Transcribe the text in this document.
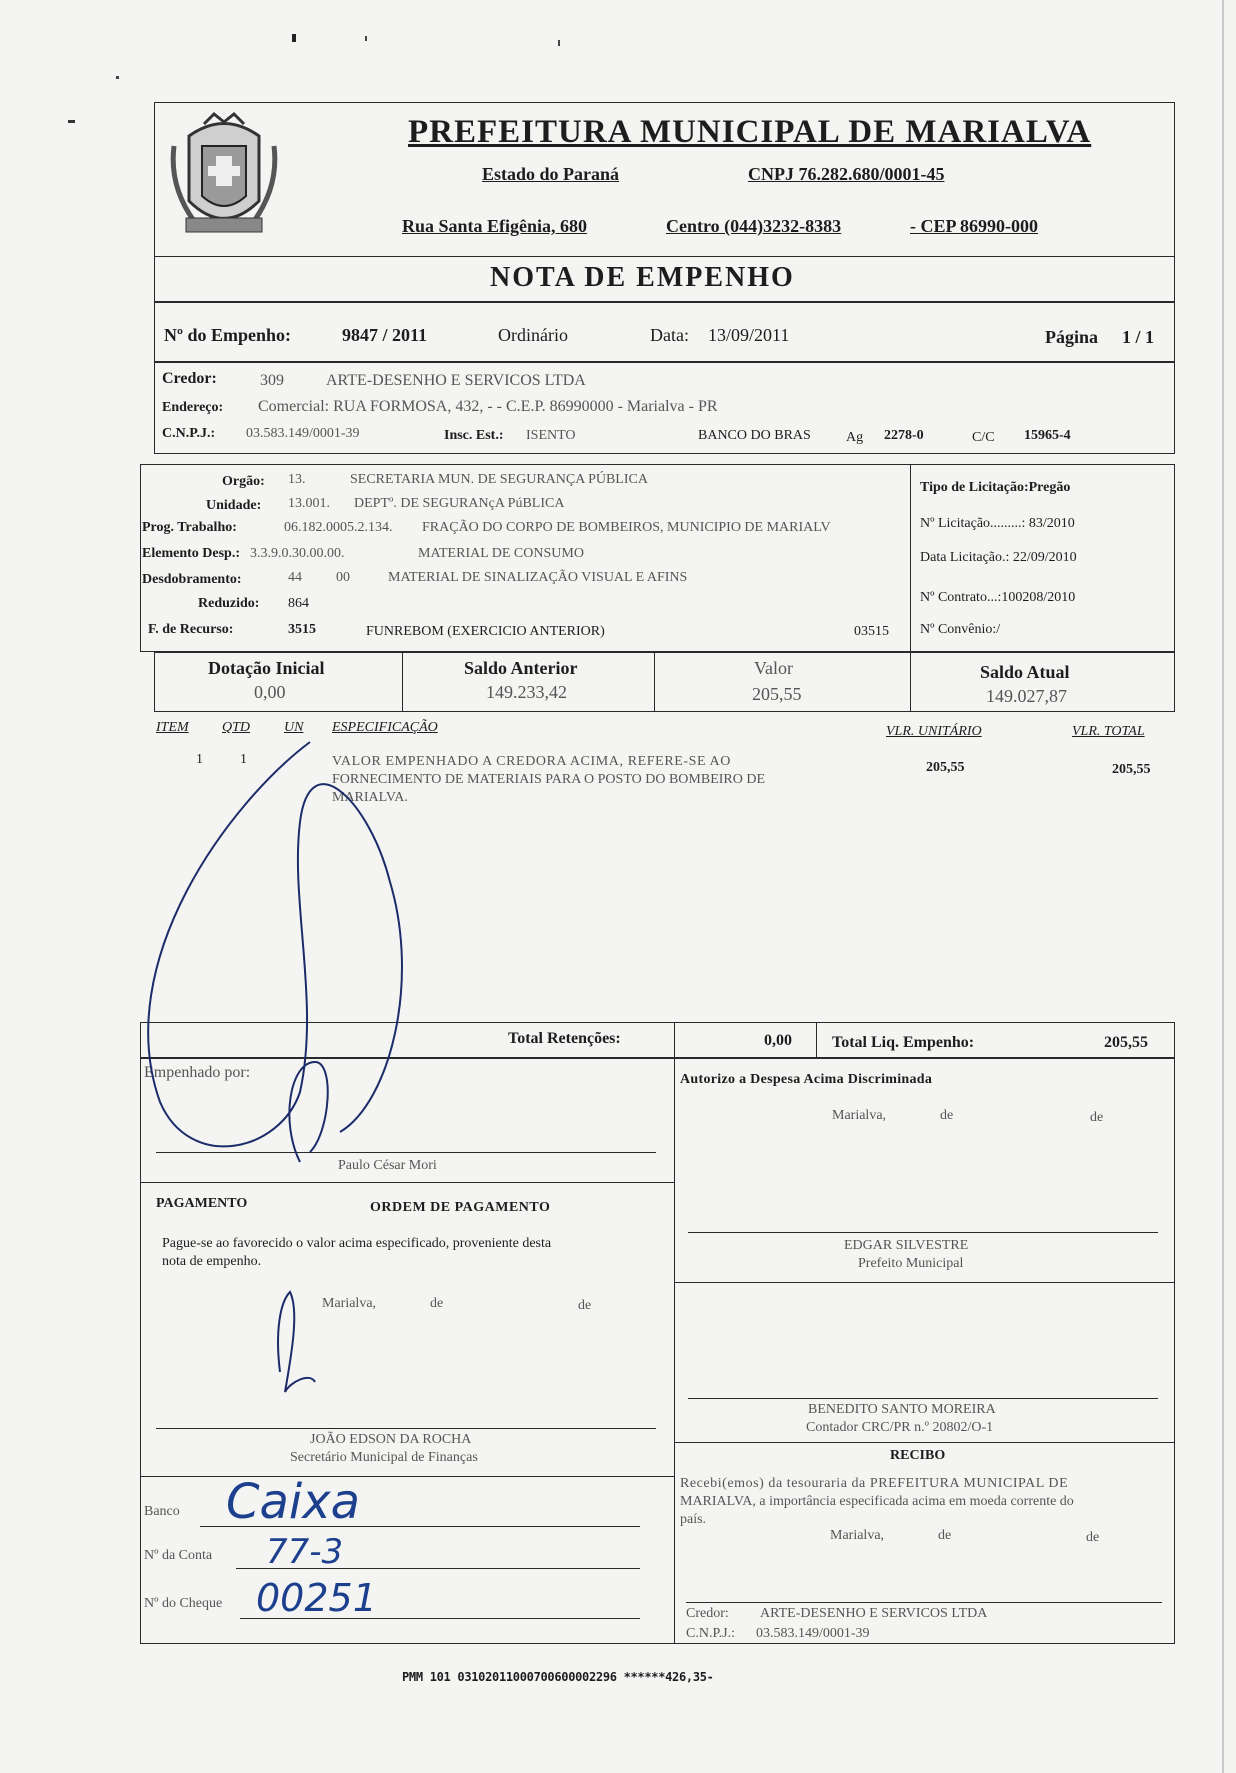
PREFEITURA MUNICIPAL DE MARIALVA
Estado do Paraná	CNPJ 76.282.680/0001-45
Rua Santa Efigênia, 680	Centro (044)3232-8383	- CEP 86990-000
NOTA DE EMPENHO
Nº do Empenho:	9847 / 2011	Ordinário	Data: 13/09/2011	Página 1 / 1
Credor:	309	ARTE-DESENHO E SERVICOS LTDA
Endereço: Comercial: RUA FORMOSA, 432, - - C.E.P. 86990000 - Marialva - PR
C.N.P.J.: 03.583.149/0001-39	Insc. Est.: ISENTO	BANCO DO BRAS	Ag 2278-0	C/C 15965-4
Orgão: 13.	SECRETARIA MUN. DE SEGURANÇA PÚBLICA
Unidade: 13.001. DEPTº. DE SEGURANçA PúBLICA
Prog. Trabalho:	06.182.0005.2.134. FRAÇÃO DO CORPO DE BOMBEIROS, MUNICIPIO DE MARIALV
Elemento Desp.: 3.3.9.0.30.00.00.	MATERIAL DE CONSUMO
Desdobramento:	44 00	MATERIAL DE SINALIZAÇÃO VISUAL E AFINS
Reduzido: 864
F. de Recurso:	3515	FUNREBOM (EXERCICIO ANTERIOR)	03515
Tipo de Licitação:Pregão
Nº Licitação.........: 83/2010
Data Licitação.: 22/09/2010
Nº Contrato...:100208/2010
Nº Convênio:/
Dotação Inicial
0,00
Saldo Anterior
149.233,42
Valor
205,55
Saldo Atual
149.027,87
ITEM QTD UN ESPECIFICAÇÃO	VLR. UNITÁRIO	VLR. TOTAL
1	1	VALOR EMPENHADO A CREDORA ACIMA, REFERE-SE AO
FORNECIMENTO DE MATERIAIS PARA O POSTO DO BOMBEIRO DE
MARIALVA.
205,55	205,55
Total Retenções:	0,00	Total Liq. Empenho:	205,55
Empenhado por:
Paulo César Mori
PAGAMENTO	ORDEM DE PAGAMENTO
Pague-se ao favorecido o valor acima especificado, proveniente desta
nota de empenho.
Marialva,	de	de
JOÃO EDSON DA ROCHA
Secretário Municipal de Finanças
Banco Caixa
Nº da Conta 77-3
Nº do Cheque 00251
Autorizo a Despesa Acima Discriminada
Marialva,	de	de
EDGAR SILVESTRE
Prefeito Municipal
BENEDITO SANTO MOREIRA
Contador CRC/PR n.º 20802/O-1
RECIBO
Recebi(emos) da tesouraria da PREFEITURA MUNICIPAL DE
MARIALVA, a importância especificada acima em moeda corrente do
país.
Marialva,	de	de
Credor: ARTE-DESENHO E SERVICOS LTDA
C.N.P.J.: 03.583.149/0001-39
PMM 101 03102011000700600002296 ******426,35-
